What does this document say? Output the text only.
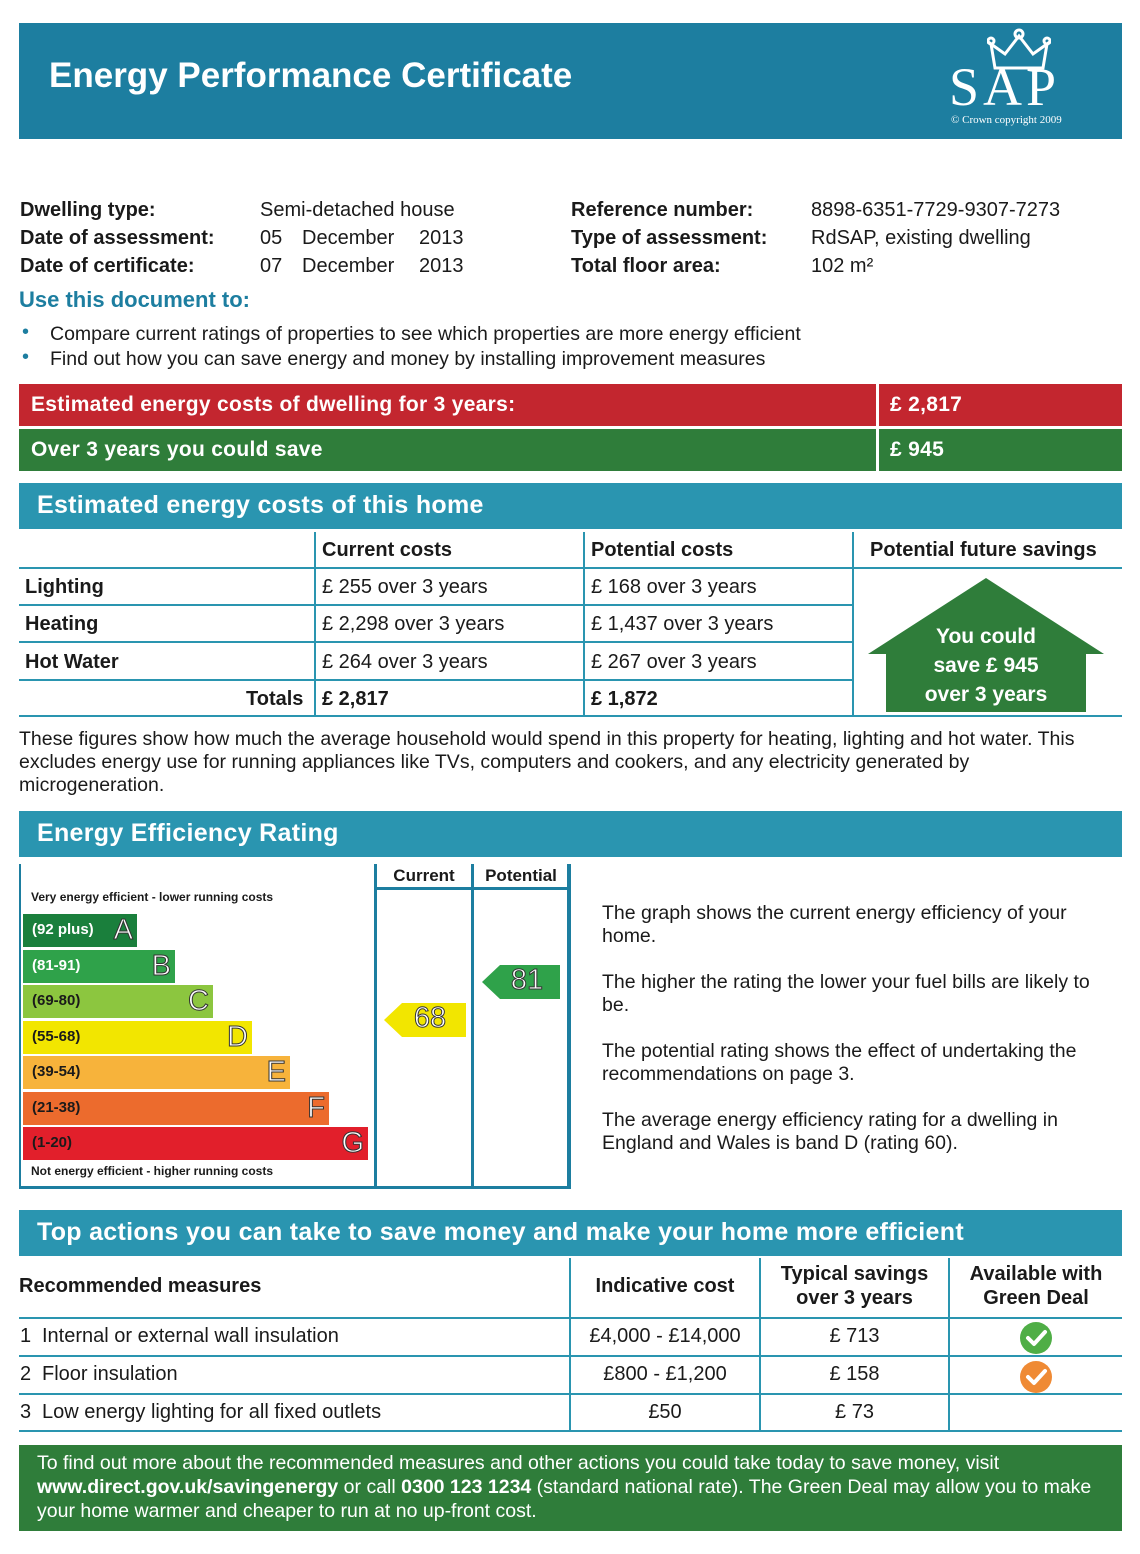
Energy Performance Certificate	SAP
© Crown copyright 2009
Dwelling type:	Semi-detached house
Date of assessment: 05 December 2013
Date of certificate:	07 December 2013
Reference number:	8898-6351-7729-9307-7273
Type of assessment: RdSAP, existing dwelling
Total floor area:	102 m²
Use this document to:
• Compare current ratings of properties to see which properties are more energy efficient
• Find out how you can save energy and money by installing improvement measures
Estimated energy costs of dwelling for 3 years:	£ 2,817
Over 3 years you could save	£ 945
Estimated energy costs of this home
Current costs	Potential costs	Potential future savings
Lighting	£ 255 over 3 years	£ 168 over 3 years
Heating	£ 2,298 over 3 years	£ 1,437 over 3 years
Hot Water	£ 264 over 3 years	£ 267 over 3 years
Totals £ 2,817	£ 1,872
You could
save £ 945
over 3 years
These figures show how much the average household would spend in this property for heating, lighting and hot water. This excludes energy use for running appliances like TVs, computers and cookers, and any electricity generated by microgeneration.
Energy Efficiency Rating
Current	Potential
Very energy efficient - lower running costs
Not energy efficient - higher running costs
(92 plus) A
(81-91) B
(69-80)	C
(55-68)	D
(39-54)	E
(21-38)	F
(1-20)	G
68
81
The graph shows the current energy efficiency of your home.
The higher the rating the lower your fuel bills are likely to be.
The potential rating shows the effect of undertaking the recommendations on page 3.
The average energy efficiency rating for a dwelling in England and Wales is band D (rating 60).
Top actions you can take to save money and make your home more efficient
Recommended measures	Indicative cost
Typical savings
over 3 years
Available with
Green Deal
1 Internal or external wall insulation	£4,000 - £14,000	£ 713
2 Floor insulation	£800 - £1,200	£ 158
3 Low energy lighting for all fixed outlets	£50	£ 73
To find out more about the recommended measures and other actions you could take today to save money, visit www.direct.gov.uk/savingenergy or call 0300 123 1234 (standard national rate). The Green Deal may allow you to make your home warmer and cheaper to run at no up-front cost.
